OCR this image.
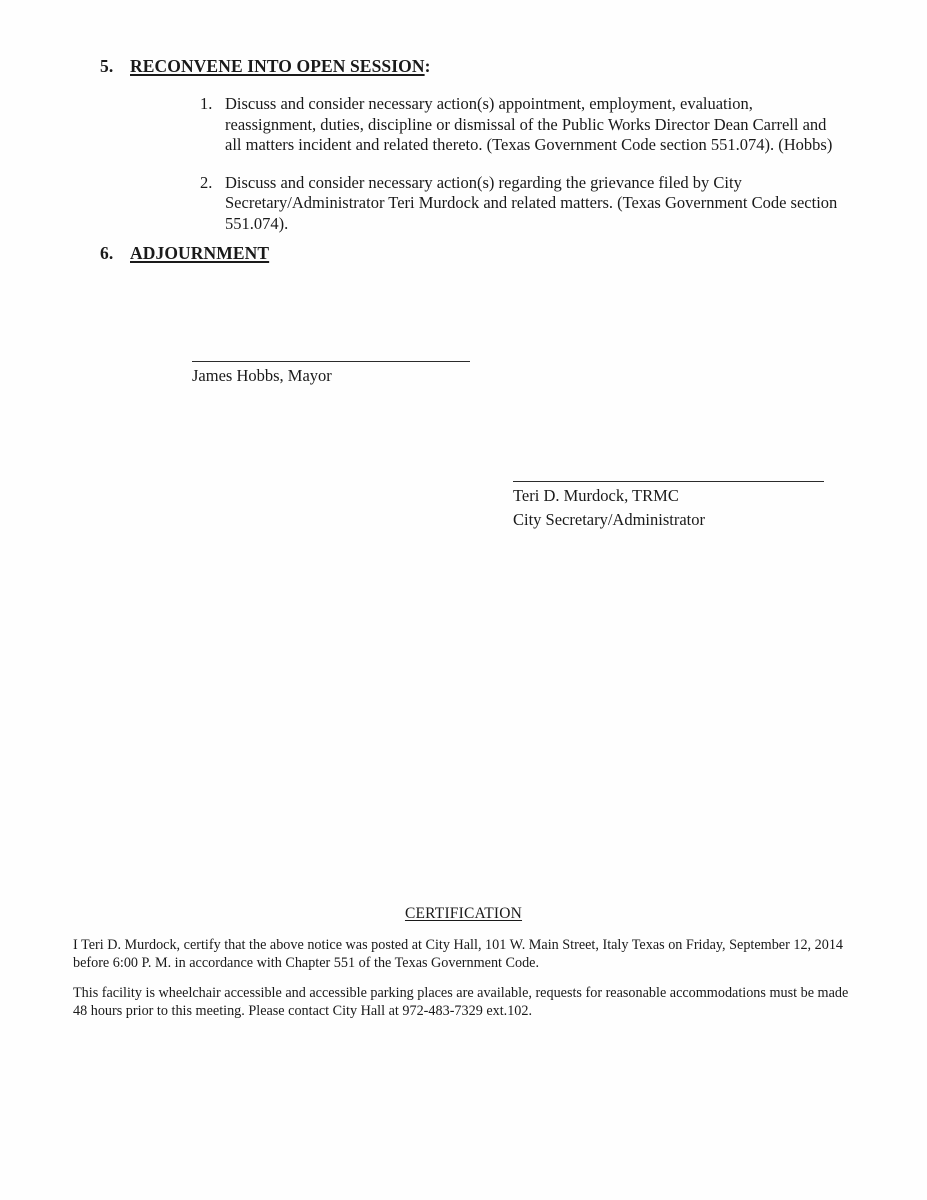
5. RECONVENE INTO OPEN SESSION :
1. Discuss and consider necessary action(s) appointment, employment, evaluation, reassignment, duties, discipline or dismissal of the Public Works Director Dean Carrell and all matters incident and related thereto. (Texas Government Code section 551.074). (Hobbs)
2. Discuss and consider necessary action(s) regarding the grievance filed by City Secretary/Administrator Teri Murdock and related matters. (Texas Government Code section 551.074).
6. ADJOURNMENT
James Hobbs, Mayor
Teri D. Murdock, TRMC
City Secretary/Administrator
CERTIFICATION
I Teri D. Murdock, certify that the above notice was posted at City Hall, 101 W. Main Street, Italy Texas on Friday, September 12, 2014 before 6:00 P. M. in accordance with Chapter 551 of the Texas Government Code.
This facility is wheelchair accessible and accessible parking places are available, requests for reasonable accommodations must be made 48 hours prior to this meeting. Please contact City Hall at 972-483-7329 ext.102.
